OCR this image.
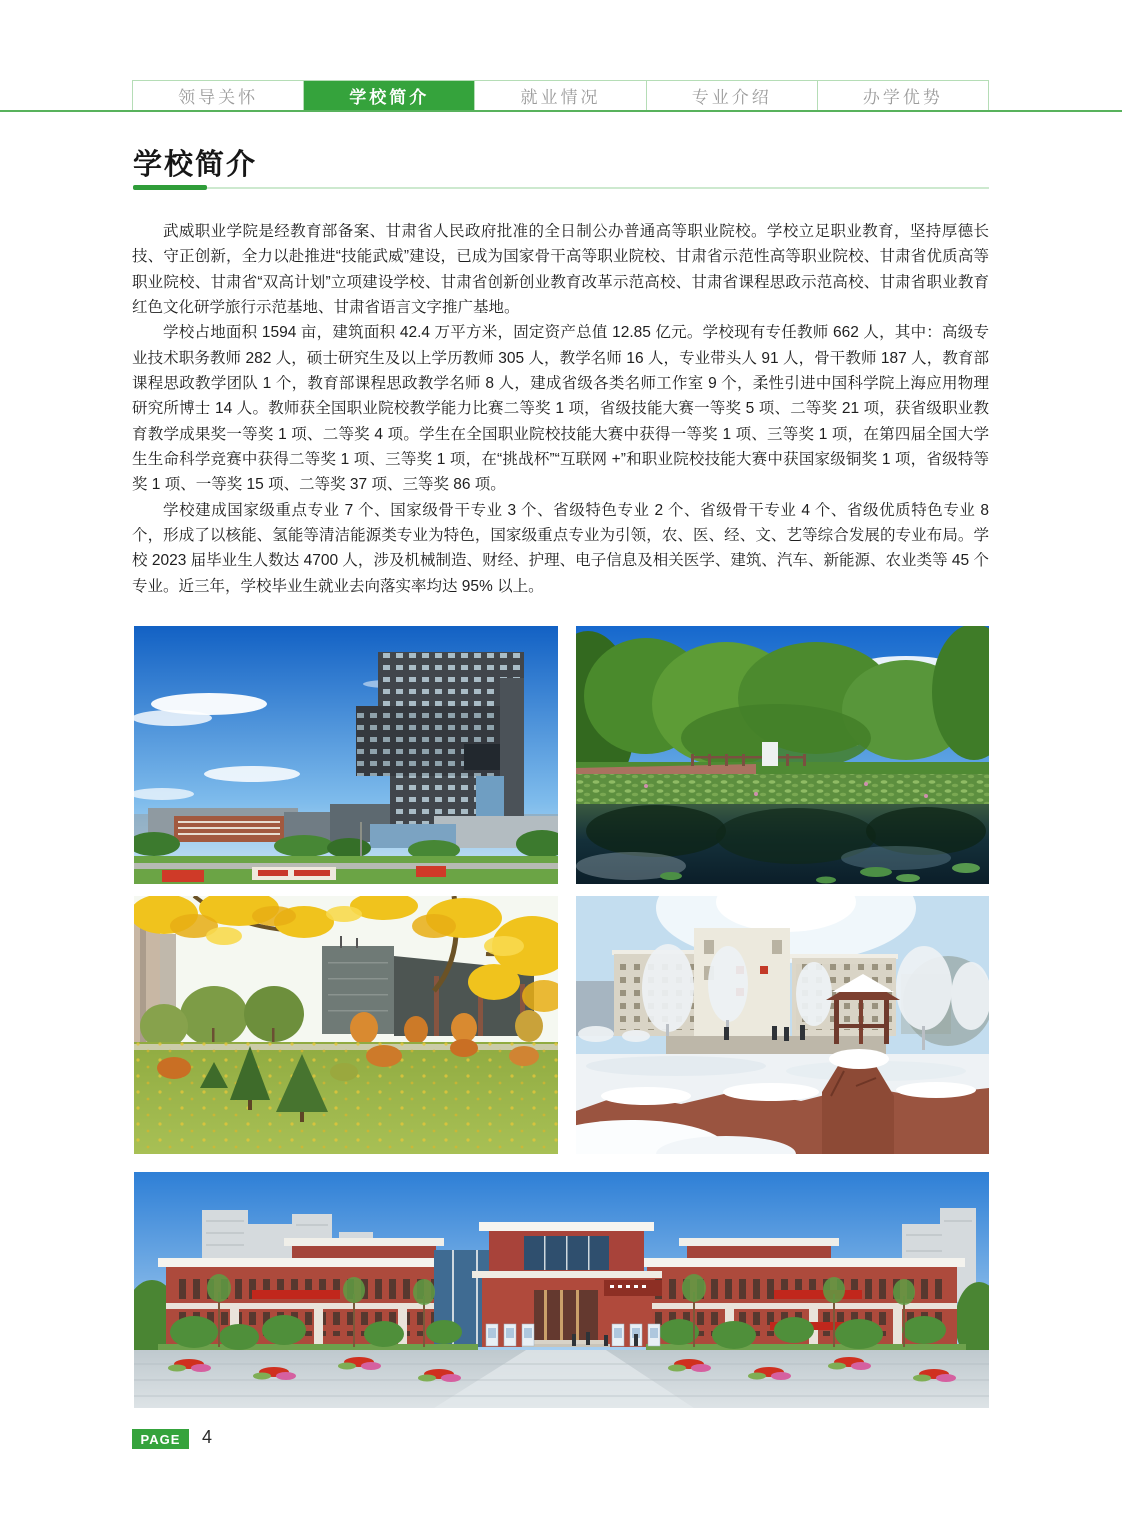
领导关怀	学校简介	就业情况	专业介绍	办学优势
学校简介

武威职业学院是经教育部备案、甘肃省人民政府批准的全日制公办普通高等职业院校。学校立足职业教育，坚持厚德长技、守正创新，全力以赴推进“技能武威”建设，已成为国家骨干高等职业院校、甘肃省示范性高等职业院校、甘肃省优质高等职业院校、甘肃省“双高计划”立项建设学校、甘肃省创新创业教育改革示范高校、甘肃省课程思政示范高校、甘肃省职业教育红色文化研学旅行示范基地、甘肃省语言文字推广基地。

学校占地面积 1594 亩，建筑面积 42.4 万平方米，固定资产总值 12.85 亿元。学校现有专任教师 662 人，其中：高级专业技术职务教师 282 人，硕士研究生及以上学历教师 305 人，教学名师 16 人，专业带头人 91 人，骨干教师 187 人，教育部课程思政教学团队 1 个，教育部课程思政教学名师 8 人，建成省级各类名师工作室 9 个，柔性引进中国科学院上海应用物理研究所博士 14 人。教师获全国职业院校教学能力比赛二等奖 1 项，省级技能大赛一等奖 5 项、二等奖 21 项，获省级职业教育教学成果奖一等奖 1 项、二等奖 4 项。学生在全国职业院校技能大赛中获得一等奖 1 项、三等奖 1 项，在第四届全国大学生生命科学竞赛中获得二等奖 1 项、三等奖 1 项，在“挑战杯”“互联网 +”和职业院校技能大赛中获国家级铜奖 1 项，省级特等奖 1 项、一等奖 15 项、二等奖 37 项、三等奖 86 项。

学校建成国家级重点专业 7 个、国家级骨干专业 3 个、省级特色专业 2 个、省级骨干专业 4 个、省级优质特色专业 8 个，形成了以核能、氢能等清洁能源类专业为特色，国家级重点专业为引领，农、医、经、文、艺等综合发展的专业布局。学校 2023 届毕业生人数达 4700 人，涉及机械制造、财经、护理、电子信息及相关医学、建筑、汽车、新能源、农业类等 45 个专业。近三年，学校毕业生就业去向落实率均达 95% 以上。

PAGE	4
